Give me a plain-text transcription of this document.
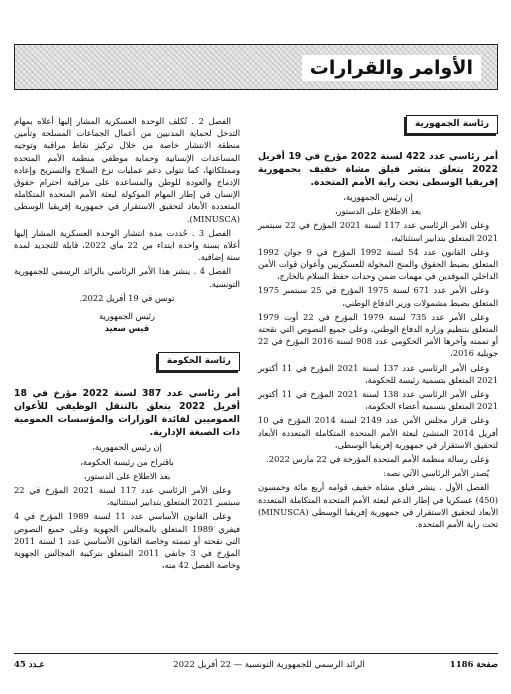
الأوامر والقرارات
رئاسة الجمهورية

أمر رئاسي عدد 422 لسنة 2022 مؤرخ في 19 أفريل 2022 يتعلق بنشر فيلق مشاة خفيف بجمهورية إفريقيا الوسطى تحت راية الأمم المتحدة.

إن رئيس الجمهورية،

بعد الاطلاع على الدستور،

وعلى الأمر الرئاسي عدد 117 لسنة 2021 المؤرخ في 22 سبتمبر 2021 المتعلق بتدابير استثنائية،

وعلى القانون عدد 54 لسنة 1992 المؤرخ في 9 جوان 1992 المتعلق بضبط الحقوق والمنح المخولة للعسكريين وأعوان قوات الأمن الداخلي الموفدين في مهمات ضمن وحدات حفظ السلام بالخارج،

وعلى الأمر عدد 671 لسنة 1975 المؤرخ في 25 سبتمبر 1975 المتعلق بضبط مشمولات وزير الدفاع الوطني،

وعلى الأمر عدد 735 لسنة 1979 المؤرخ في 22 أوت 1979 المتعلق بتنظيم وزارة الدفاع الوطني، وعلى جميع النصوص التي نقحته أو تممته وآخرها الأمر الحكومي عدد 908 لسنة 2016 المؤرخ في 22 جويلية 2016،

وعلى الأمر الرئاسي عدد 137 لسنة 2021 المؤرخ في 11 أكتوبر 2021 المتعلق بتسمية رئيسة للحكومة،

وعلى الأمر الرئاسي عدد 138 لسنة 2021 المؤرخ في 11 أكتوبر 2021 المتعلق بتسمية أعضاء الحكومة،

وعلى قرار مجلس الأمن عدد 2149 لسنة 2014 المؤرخ في 10 أفريل 2014 المنشئ لبعثة الأمم المتحدة المتكاملة المتعددة الأبعاد لتحقيق الاستقرار في جمهورية إفريقيا الوسطى،

وعلى رسالة منظمة الأمم المتحدة المؤرخة في 22 مارس 2022.

يُصدر الأمر الرئاسي الآتي نصه:

الفصل الأول . ينشر فيلق مشاة خفيف قوامه أربع مائة وخمسون (450) عسكريا في إطار الدعم لبعثة الأمم المتحدة المتكاملة المتعددة الأبعاد لتحقيق الاستقرار في جمهورية إفريقيا الوسطى (MINUSCA) تحت راية الأمم المتحدة.

الفصل 2 . تُكلف الوحدة العسكرية المشار إليها أعلاه بمهام التدخل لحماية المدنيين من أعمال الجماعات المسلحة وتأمين منطقة الانتشار خاصة من خلال تركيز نقاط مراقبة وتوجيه المساعدات الإنسانية وحماية موظفي منظمة الأمم المتحدة وممتلكاتها، كما تتولى دعم عمليات نزع السلاح والتسريح وإعادة الإدماج والعودة للوطن والمساعدة على مراقبة احترام حقوق الإنسان في إطار المهام الموكولة لبعثة الأمم المتحدة المتكاملة المتعددة الأبعاد لتحقيق الاستقرار في جمهورية إفريقيا الوسطى (MINUSCA).

الفصل 3 . حُددت مدة انتشار الوحدة العسكرية المشار إليها أعلاه بسنة واحدة ابتداء من 22 ماي 2022، قابلة للتجديد لمدة سنة إضافية.

الفصل 4 . ينشر هذا الأمر الرئاسي بالرائد الرسمي للجمهورية التونسية.

تونس في 19 أفريل 2022.

رئيس الجمهورية
قيس سعيد
رئاسة الحكومة

أمر رئاسي عدد 387 لسنة 2022 مؤرخ في 18 أفريل 2022 يتعلق بالتنقل الوظيفي للأعوان العموميين لفائدة الوزارات والمؤسسات العمومية ذات الصبغة الإدارية.

إن رئيس الجمهورية،

باقتراح من رئيسة الحكومة،

بعد الاطلاع على الدستور،

وعلى الأمر الرئاسي عدد 117 لسنة 2021 المؤرخ في 22 سبتمبر 2021 المتعلق بتدابير استثنائية،

وعلى القانون الأساسي عدد 11 لسنة 1989 المؤرخ في 4 فيفري 1989 المتعلق بالمجالس الجهوية وعلى جميع النصوص التي نقحته أو تممته وخاصة القانون الأساسي عدد 1 لسنة 2011 المؤرخ في 3 جانفي 2011 المتعلق بتركيبة المجالس الجهوية وخاصة الفصل 42 منه،

صفحة 1186
الرائد الرسمي للجمهورية التونسية — 22 أفريل 2022
عـدد 45
